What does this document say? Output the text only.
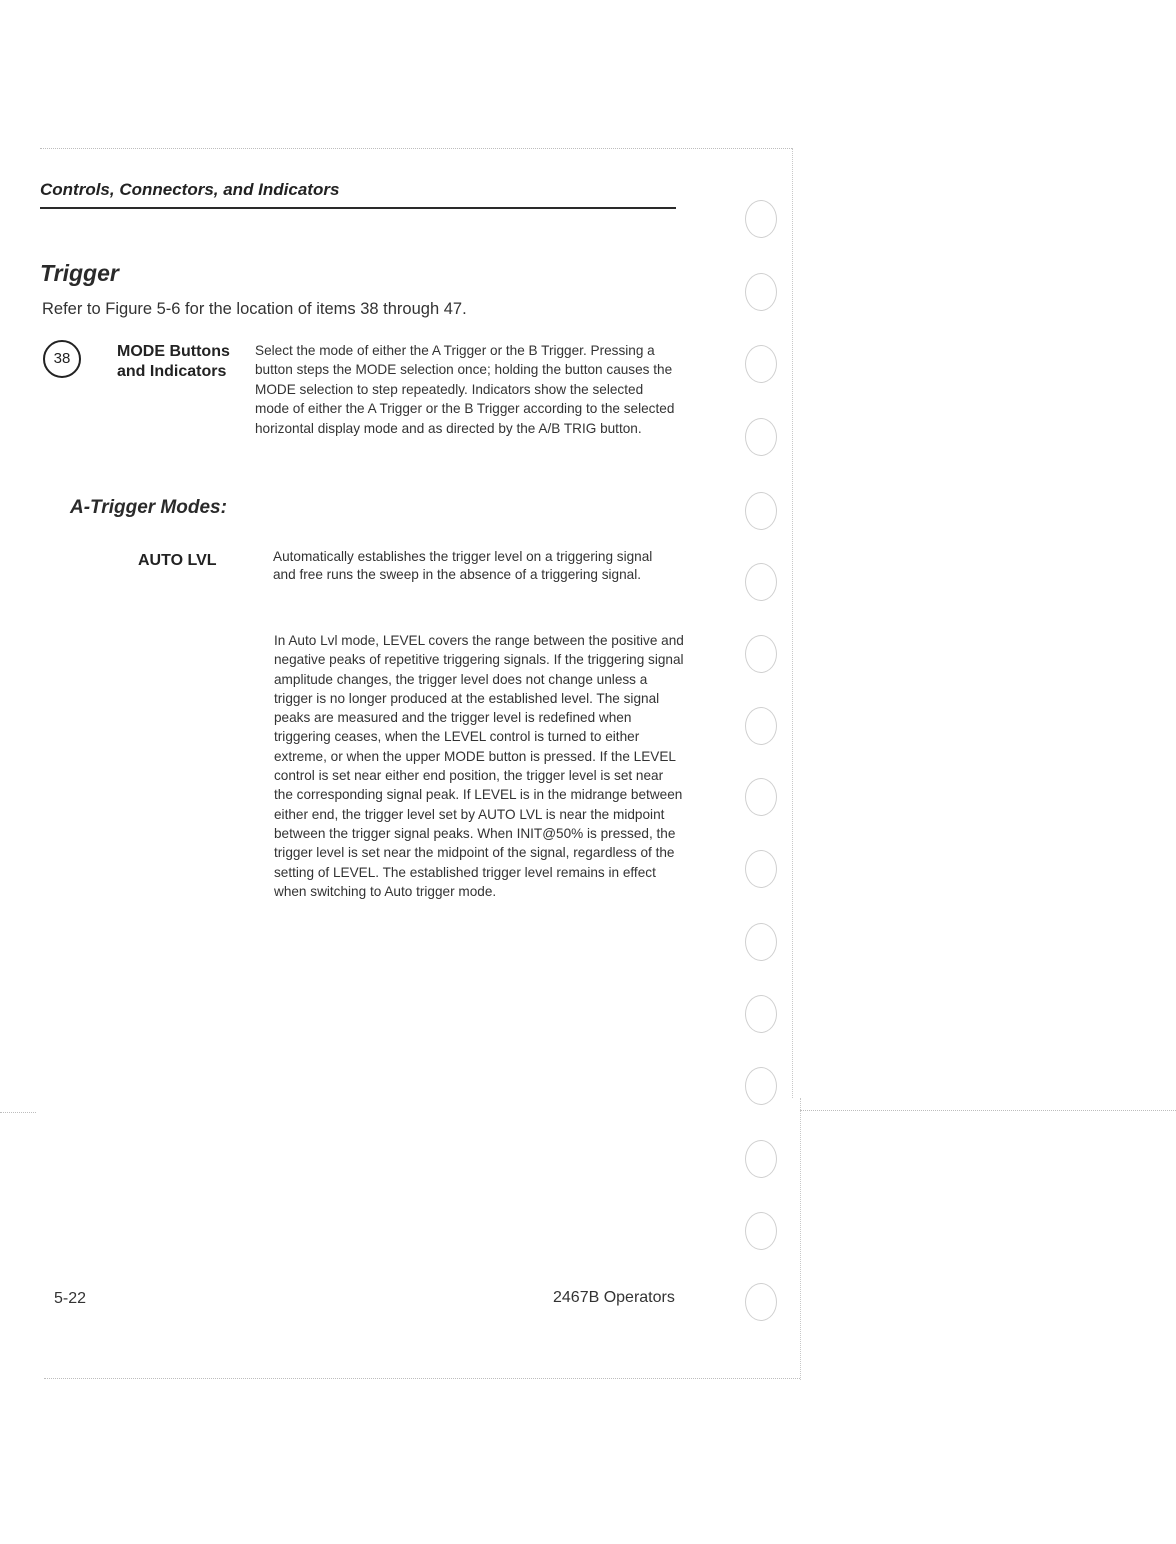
Controls, Connectors, and Indicators
Trigger
Refer to Figure 5-6 for the location of items 38 through 47.
38	MODE Buttons and Indicators

Select the mode of either the A Trigger or the B Trigger. Pressing a button steps the MODE selection once; holding the button causes the MODE selection to step repeatedly. Indicators show the selected mode of either the A Trigger or the B Trigger according to the selected horizontal display mode and as directed by the A/B TRIG button.

A-Trigger Modes:
AUTO LVL	Automatically establishes the trigger level on a triggering signal and free runs the sweep in the absence of a triggering signal.

In Auto Lvl mode, LEVEL covers the range between the positive and negative peaks of repetitive triggering signals. If the triggering signal amplitude changes, the trigger level does not change unless a trigger is no longer produced at the established level. The signal peaks are measured and the trigger level is redefined when triggering ceases, when the LEVEL control is turned to either extreme, or when the upper MODE button is pressed. If the LEVEL control is set near either end position, the trigger level is set near the corresponding signal peak. If LEVEL is in the midrange between either end, the trigger level set by AUTO LVL is near the midpoint between the trigger signal peaks. When INIT@50% is pressed, the trigger level is set near the midpoint of the signal, regardless of the setting of LEVEL. The established trigger level remains in effect when switching to Auto trigger mode.

5-22	2467B Operators
